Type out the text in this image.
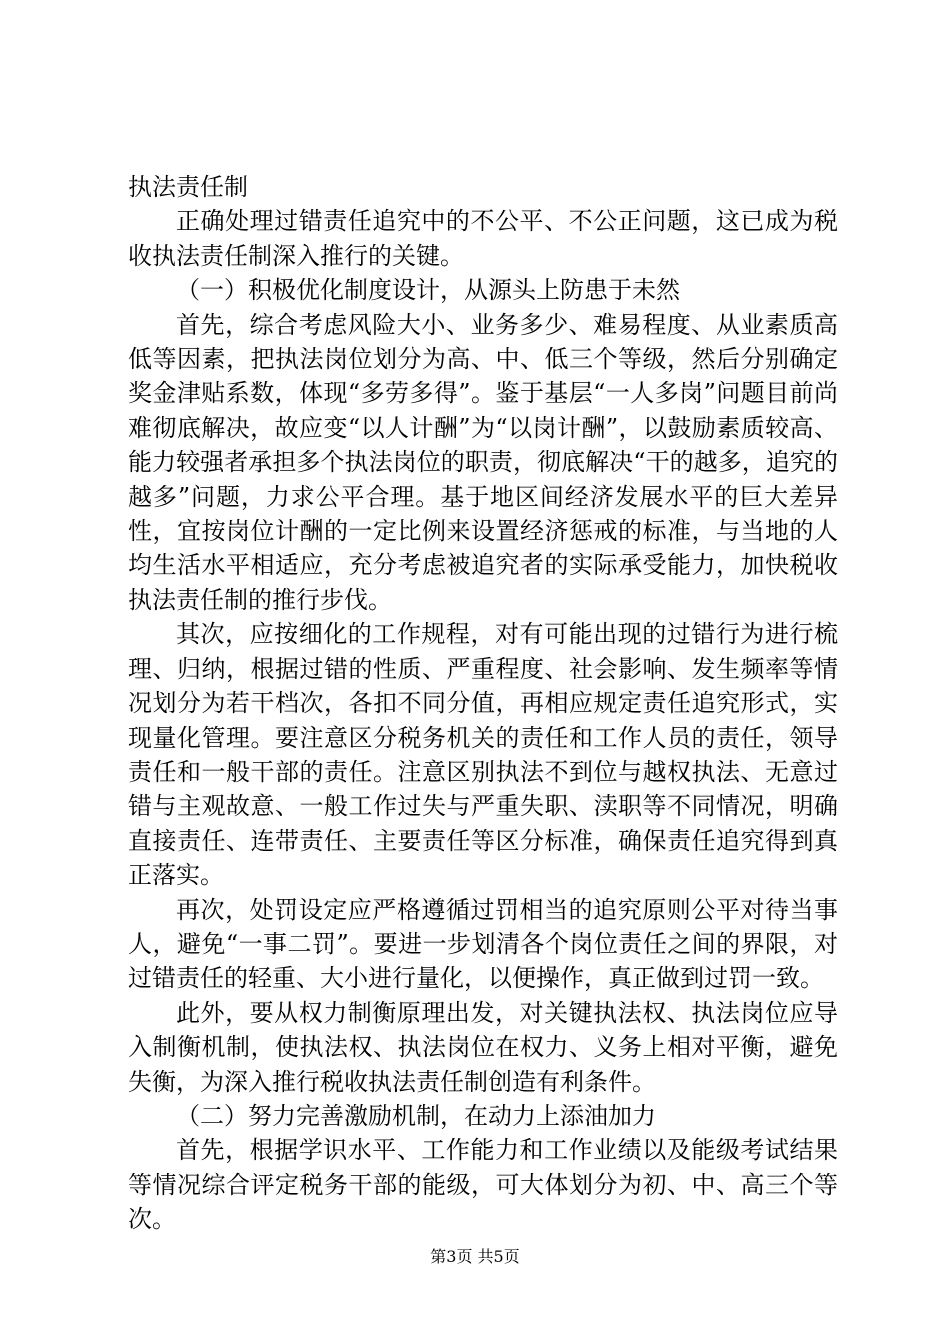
执法责任制

正确处理过错责任追究中的不公平、不公正问题，这已成为税收执法责任制深入推行的关键。

（一）积极优化制度设计，从源头上防患于未然

首先，综合考虑风险大小、业务多少、难易程度、从业素质高低等因素，把执法岗位划分为高、中、低三个等级，然后分别确定奖金津贴系数，体现“多劳多得”。鉴于基层“一人多岗”问题目前尚难彻底解决，故应变“以人计酬”为“以岗计酬”，以鼓励素质较高、能力较强者承担多个执法岗位的职责，彻底解决“干的越多，追究的越多”问题，力求公平合理。基于地区间经济发展水平的巨大差异性，宜按岗位计酬的一定比例来设置经济惩戒的标准，与当地的人均生活水平相适应，充分考虑被追究者的实际承受能力，加快税收执法责任制的推行步伐。

其次，应按细化的工作规程，对有可能出现的过错行为进行梳理、归纳，根据过错的性质、严重程度、社会影响、发生频率等情况划分为若干档次，各扣不同分值，再相应规定责任追究形式，实现量化管理。要注意区分税务机关的责任和工作人员的责任，领导责任和一般干部的责任。注意区别执法不到位与越权执法、无意过错与主观故意、一般工作过失与严重失职、渎职等不同情况，明确直接责任、连带责任、主要责任等区分标准，确保责任追究得到真正落实。

再次，处罚设定应严格遵循过罚相当的追究原则公平对待当事人，避免“一事二罚”。要进一步划清各个岗位责任之间的界限，对过错责任的轻重、大小进行量化，以便操作，真正做到过罚一致。

此外，要从权力制衡原理出发，对关键执法权、执法岗位应导入制衡机制，使执法权、执法岗位在权力、义务上相对平衡，避免失衡，为深入推行税收执法责任制创造有利条件。

（二）努力完善激励机制，在动力上添油加力

首先，根据学识水平、工作能力和工作业绩以及能级考试结果等情况综合评定税务干部的能级，可大体划分为初、中、高三个等次。

第3页 共5页
